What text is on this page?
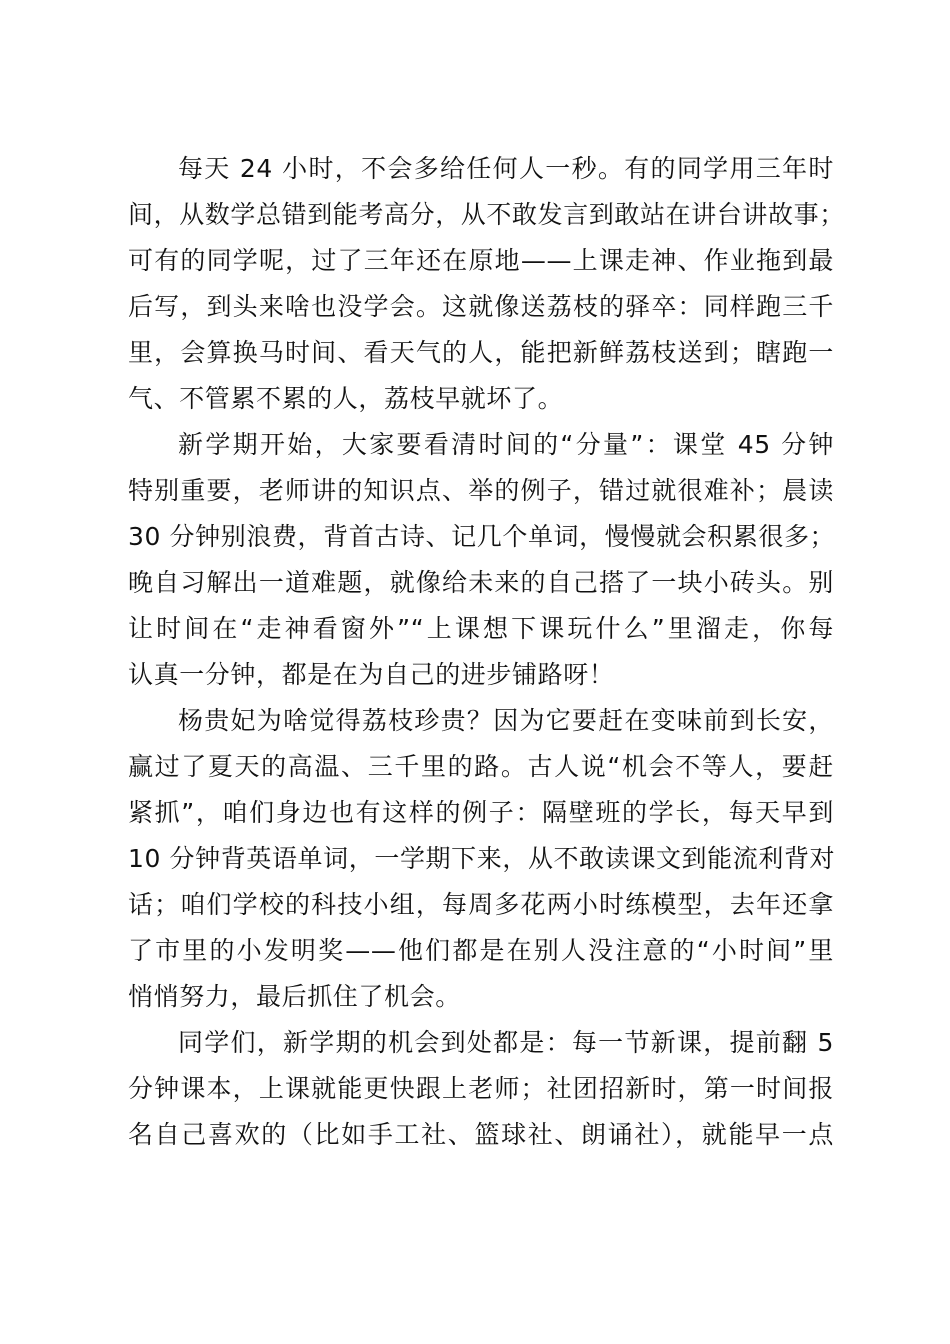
每天 24 小时，不会多给任何人一秒。有的同学用三年时
间，从数学总错到能考高分，从不敢发言到敢站在讲台讲故事；
可有的同学呢，过了三年还在原地——上课走神、作业拖到最
后写，到头来啥也没学会。这就像送荔枝的驿卒：同样跑三千
里，会算换马时间、看天气的人，能把新鲜荔枝送到；瞎跑一
气、不管累不累的人，荔枝早就坏了。
新学期开始，大家要看清时间的“分量”：课堂 45 分钟
特别重要，老师讲的知识点、举的例子，错过就很难补；晨读
30 分钟别浪费，背首古诗、记几个单词，慢慢就会积累很多；
晚自习解出一道难题，就像给未来的自己搭了一块小砖头。别
让时间在“走神看窗外”“上课想下课玩什么”里溜走，你每
认真一分钟，都是在为自己的进步铺路呀！
杨贵妃为啥觉得荔枝珍贵？因为它要赶在变味前到长安，
赢过了夏天的高温、三千里的路。古人说“机会不等人，要赶
紧抓”，咱们身边也有这样的例子：隔壁班的学长，每天早到
10 分钟背英语单词，一学期下来，从不敢读课文到能流利背对
话；咱们学校的科技小组，每周多花两小时练模型，去年还拿
了市里的小发明奖——他们都是在别人没注意的“小时间”里
悄悄努力，最后抓住了机会。
同学们，新学期的机会到处都是：每一节新课，提前翻 5
分钟课本，上课就能更快跟上老师；社团招新时，第一时间报
名自己喜欢的（比如手工社、篮球社、朗诵社），就能早一点
